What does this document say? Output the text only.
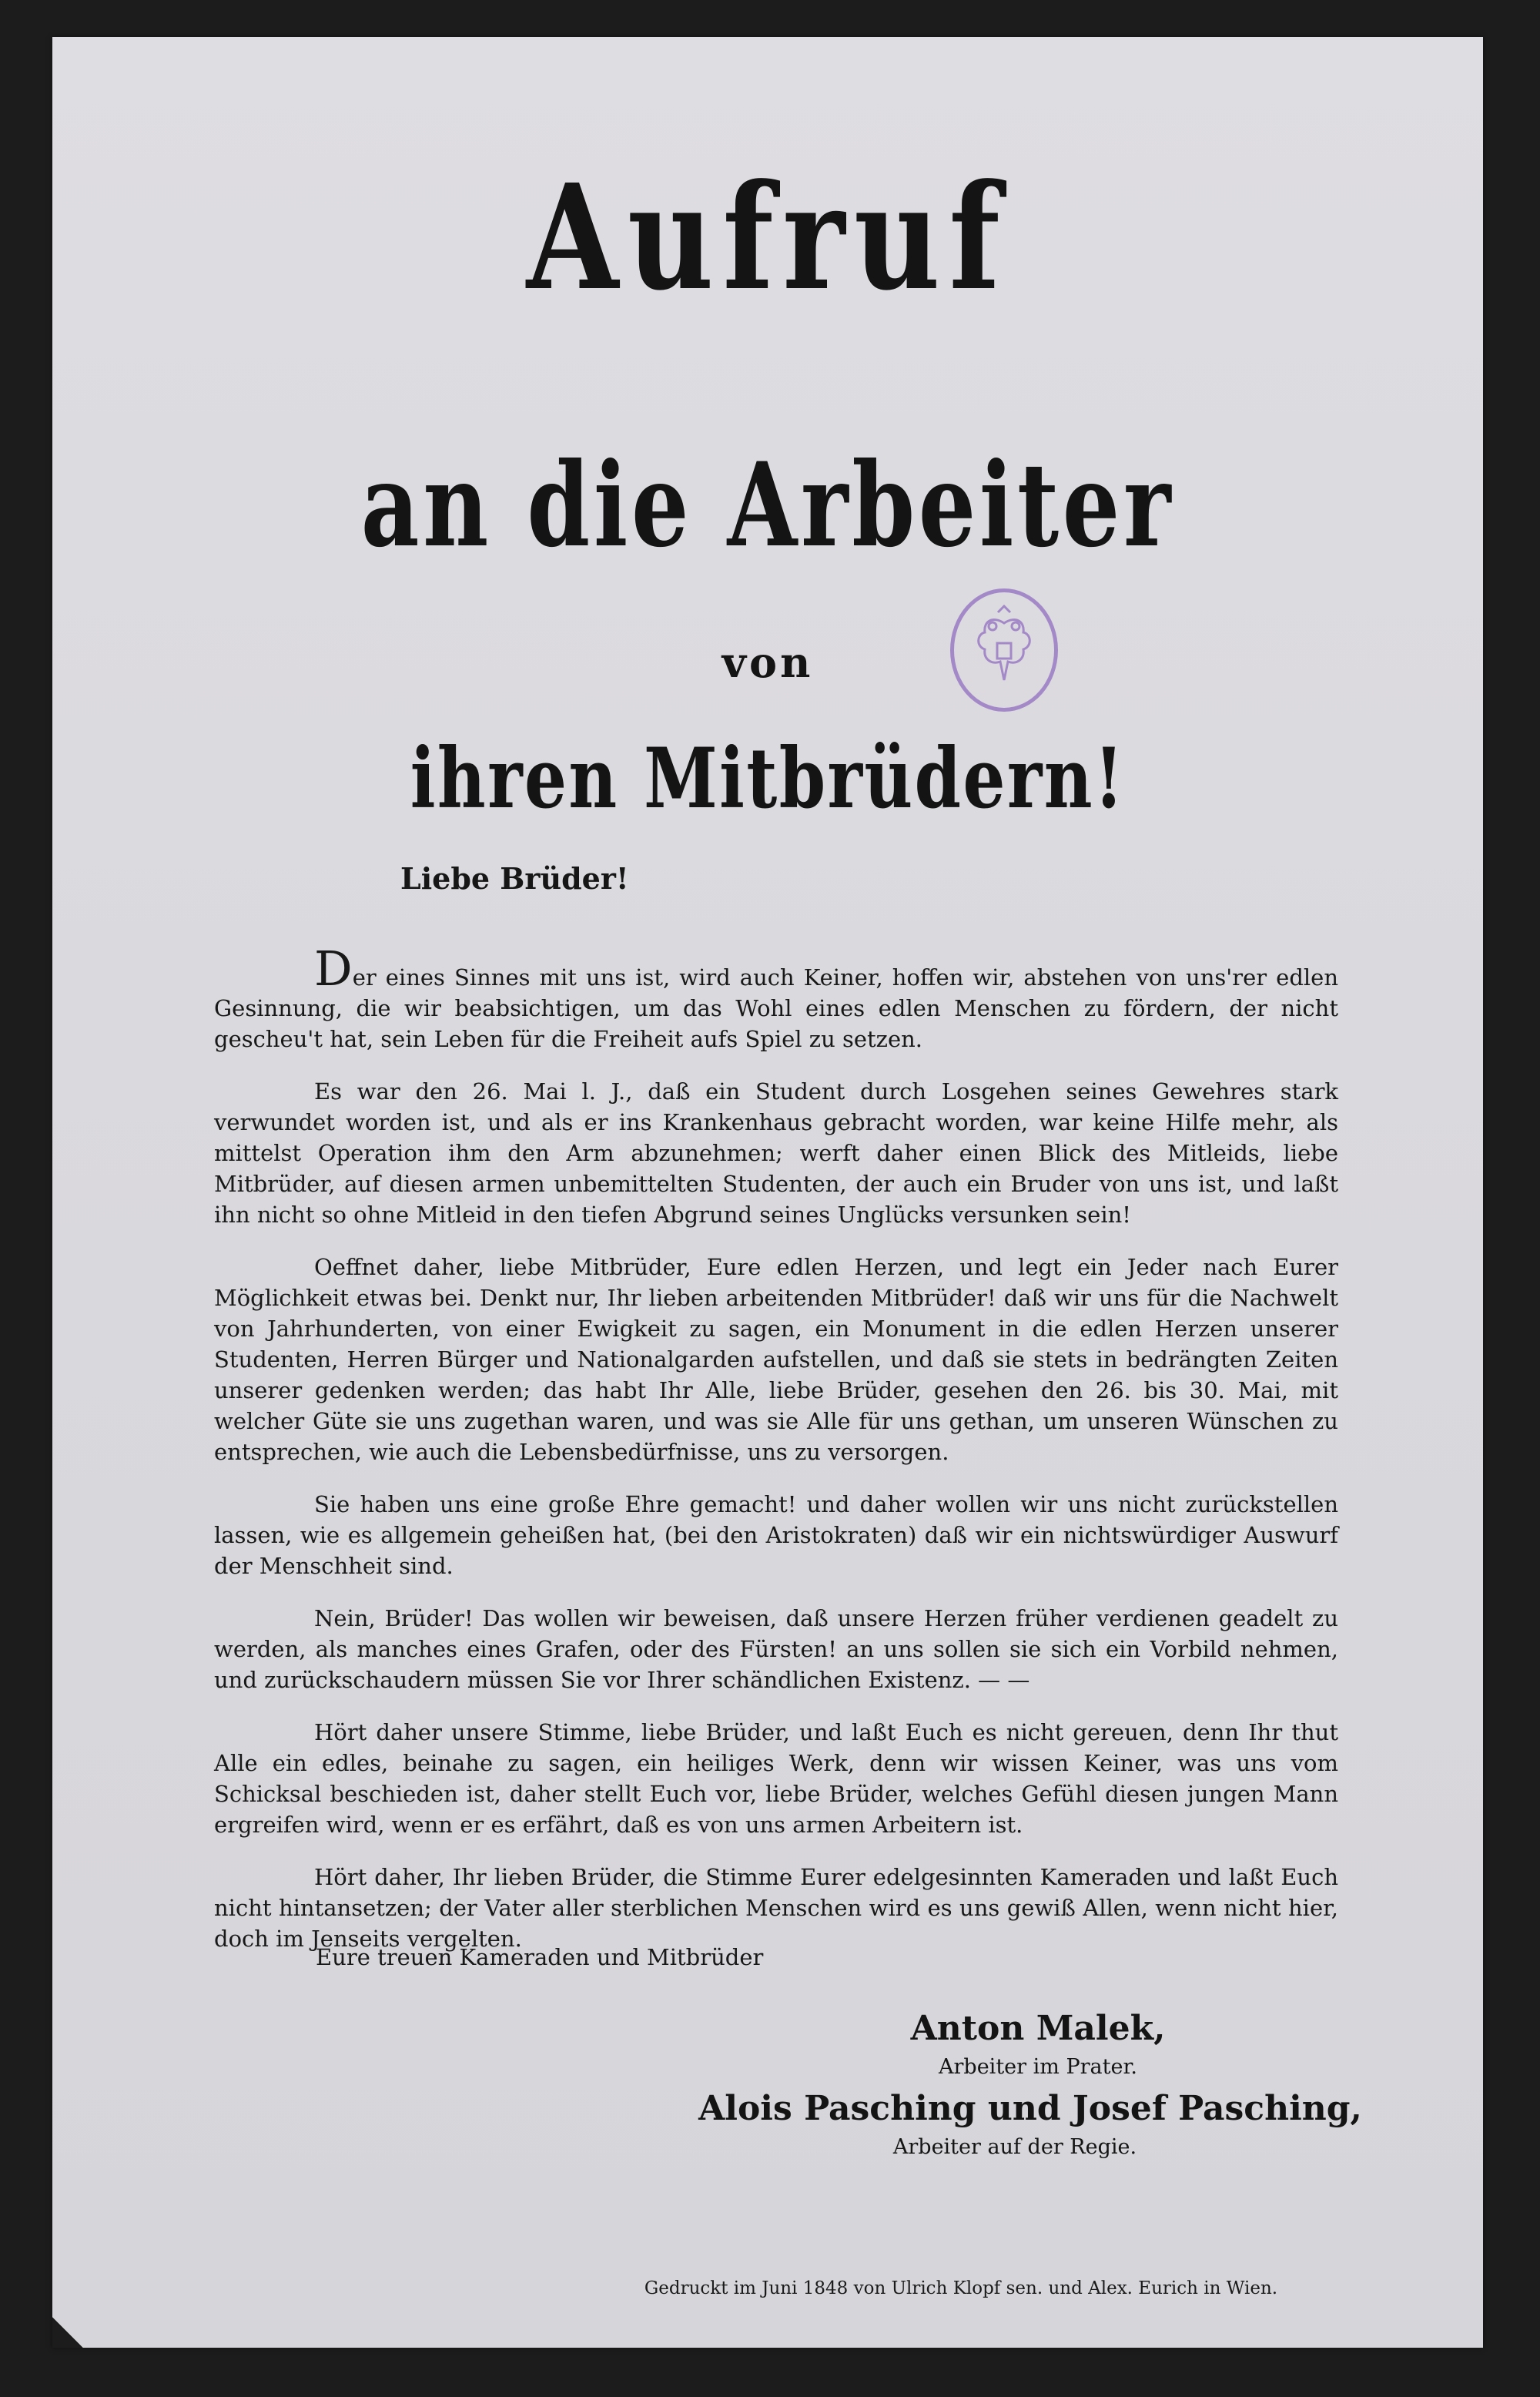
Aufruf
an die Arbeiter
von
ihren Mitbrüdern!

Liebe Brüder!

Der eines Sinnes mit uns ist, wird auch Keiner, hoffen wir, abstehen von uns'rer edlen Gesinnung, die wir beabsichtigen, um das Wohl eines edlen Menschen zu fördern, der nicht gescheu't hat, sein Leben für die Freiheit aufs Spiel zu setzen.

Es war den 26. Mai l. J., daß ein Student durch Losgehen seines Gewehres stark verwundet worden ist, und als er ins Krankenhaus gebracht worden, war keine Hilfe mehr, als mittelst Operation ihm den Arm abzunehmen; werft daher einen Blick des Mitleids, liebe Mitbrüder, auf diesen armen unbemittelten Studenten, der auch ein Bruder von uns ist, und laßt ihn nicht so ohne Mitleid in den tiefen Abgrund seines Unglücks versunken sein!

Oeffnet daher, liebe Mitbrüder, Eure edlen Herzen, und legt ein Jeder nach Eurer Möglichkeit etwas bei. Denkt nur, Ihr lieben arbeitenden Mitbrüder! daß wir uns für die Nachwelt von Jahrhunderten, von einer Ewigkeit zu sagen, ein Monument in die edlen Herzen unserer Studenten, Herren Bürger und Nationalgarden aufstellen, und daß sie stets in bedrängten Zeiten unserer gedenken werden; das habt Ihr Alle, liebe Brüder, gesehen den 26. bis 30. Mai, mit welcher Güte sie uns zugethan waren, und was sie Alle für uns gethan, um unseren Wünschen zu entsprechen, wie auch die Lebensbedürfnisse, uns zu versorgen.

Sie haben uns eine große Ehre gemacht! und daher wollen wir uns nicht zurückstellen lassen, wie es allgemein geheißen hat, (bei den Aristokraten) daß wir ein nichtswürdiger Auswurf der Menschheit sind.

Nein, Brüder! Das wollen wir beweisen, daß unsere Herzen früher verdienen geadelt zu werden, als manches eines Grafen, oder des Fürsten! an uns sollen sie sich ein Vorbild nehmen, und zurückschaudern müssen Sie vor Ihrer schändlichen Existenz. — —

Hört daher unsere Stimme, liebe Brüder, und laßt Euch es nicht gereuen, denn Ihr thut Alle ein edles, beinahe zu sagen, ein heiliges Werk, denn wir wissen Keiner, was uns vom Schicksal beschieden ist, daher stellt Euch vor, liebe Brüder, welches Gefühl diesen jungen Mann ergreifen wird, wenn er es erfährt, daß es von uns armen Arbeitern ist.

Hört daher, Ihr lieben Brüder, die Stimme Eurer edelgesinnten Kameraden und laßt Euch nicht hintansetzen; der Vater aller sterblichen Menschen wird es uns gewiß Allen, wenn nicht hier, doch im Jenseits vergelten.

Eure treuen Kameraden und Mitbrüder

Anton Malek,

Arbeiter im Prater.

Alois Pasching und Josef Pasching,

Arbeiter auf der Regie.

Gedruckt im Juni 1848 von Ulrich Klopf sen. und Alex. Eurich in Wien.
